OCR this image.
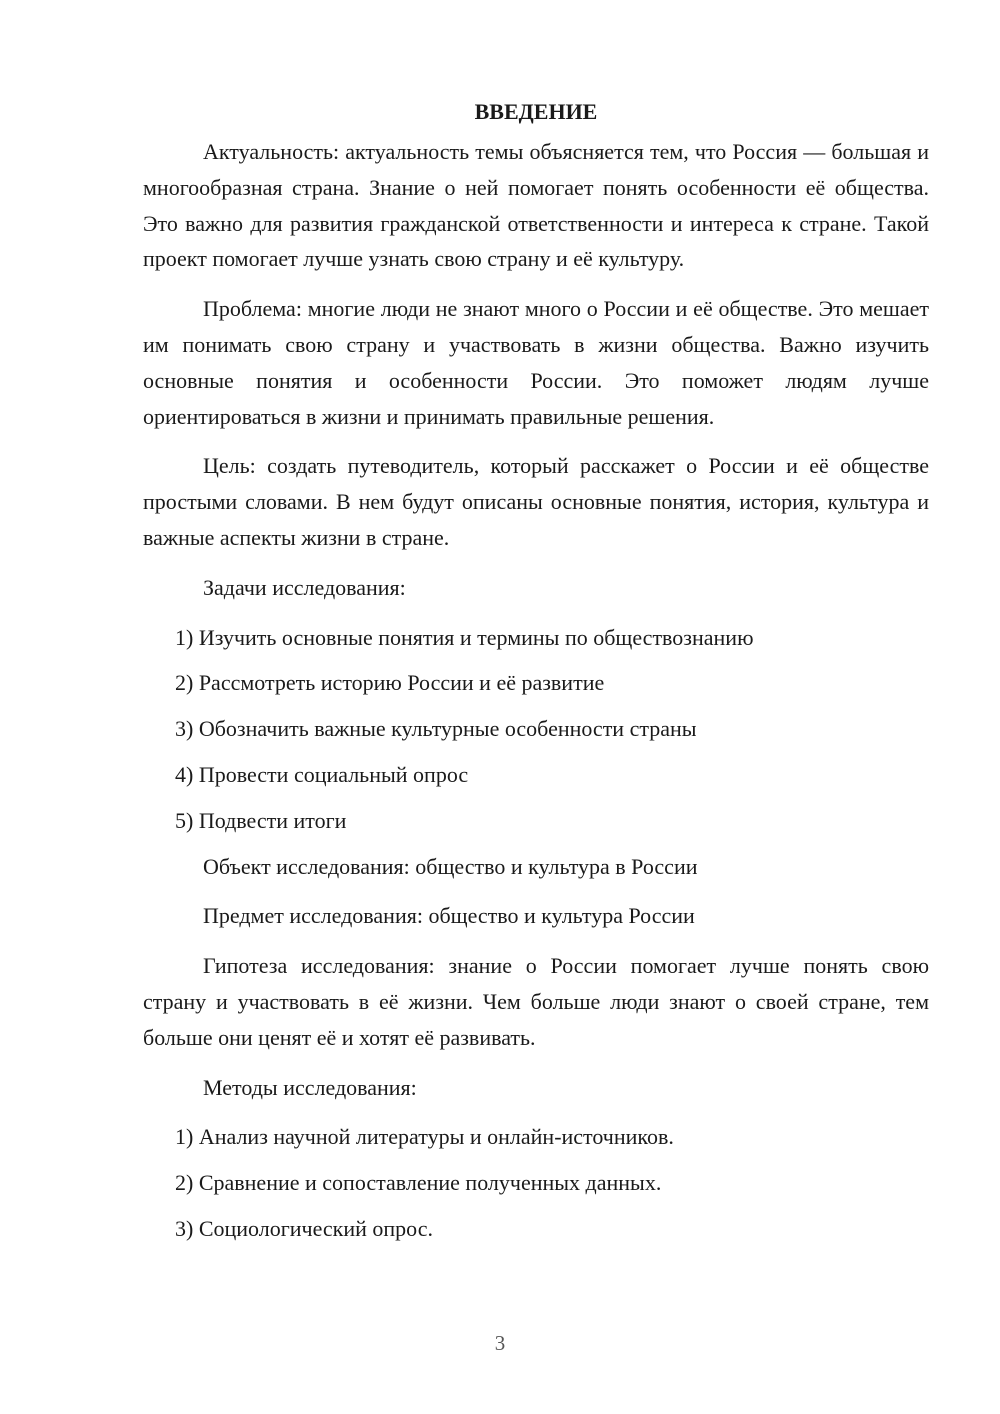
ВВЕДЕНИЕ

Актуальность: актуальность темы объясняется тем, что Россия — большая и многообразная страна. Знание о ней помогает понять особенности её общества. Это важно для развития гражданской ответственности и интереса к стране. Такой проект помогает лучше узнать свою страну и её культуру.

Проблема: многие люди не знают много о России и её обществе. Это мешает им понимать свою страну и участвовать в жизни общества. Важно изучить основные понятия и особенности России. Это поможет людям лучше ориентироваться в жизни и принимать правильные решения.

Цель: создать путеводитель, который расскажет о России и её обществе простыми словами. В нем будут описаны основные понятия, история, культура и важные аспекты жизни в стране.

Задачи исследования:

1) Изучить основные понятия и термины по обществознанию
2) Рассмотреть историю России и её развитие
3) Обозначить важные культурные особенности страны
4) Провести социальный опрос
5) Подвести итоги

Объект исследования: общество и культура в России

Предмет исследования: общество и культура России

Гипотеза исследования: знание о России помогает лучше понять свою страну и участвовать в её жизни. Чем больше люди знают о своей стране, тем больше они ценят её и хотят её развивать.

Методы исследования:

1) Анализ научной литературы и онлайн-источников.
2) Сравнение и сопоставление полученных данных.
3) Социологический опрос.
3
